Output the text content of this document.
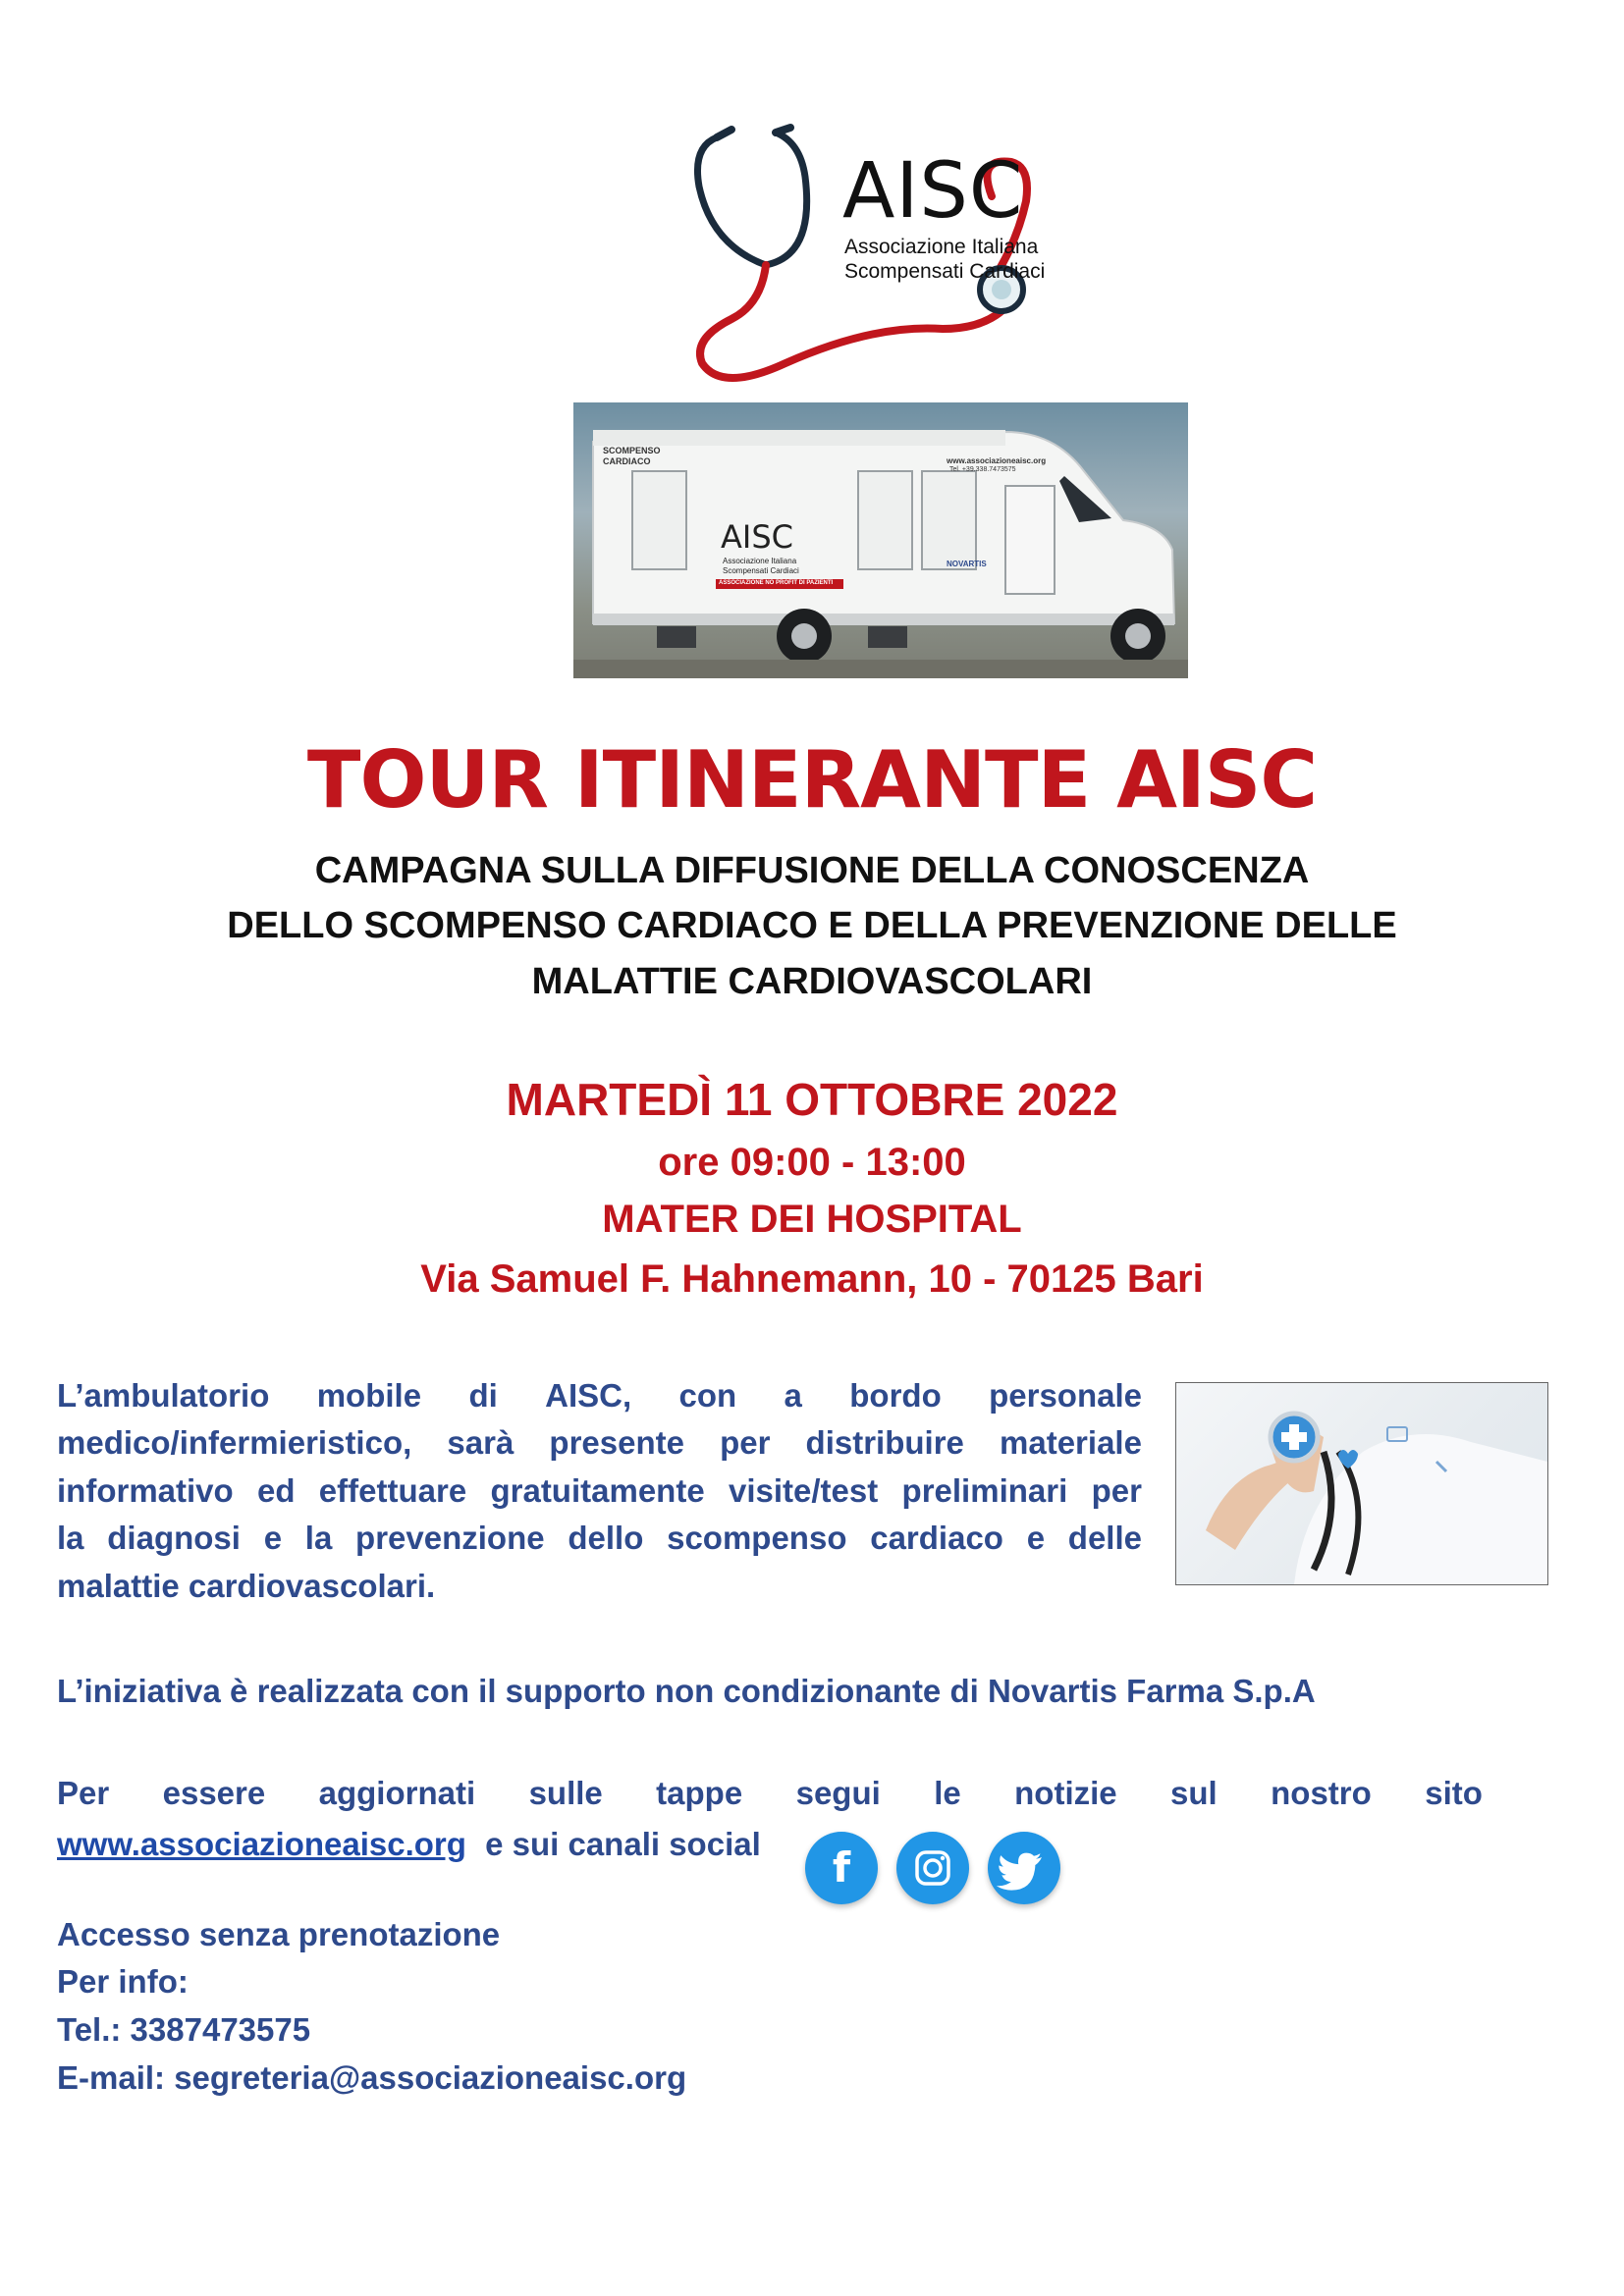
AISC
Associazione Italiana
Scompensati Cardiaci
SCOMPENSO
CARDIACO	www.associazioneaisc.org
Tel. +39.338.7473575
AISC
Associazione Italiana
Scompensati Cardiaci
ASSOCIAZIONE NO PROFIT DI PAZIENTI
NOVARTIS
TOUR ITINERANTE AISC
CAMPAGNA SULLA DIFFUSIONE DELLA CONOSCENZA
DELLO SCOMPENSO CARDIACO E DELLA PREVENZIONE DELLE
MALATTIE CARDIOVASCOLARI
MARTEDÌ 11 OTTOBRE 2022
ore 09:00 - 13:00
MATER DEI HOSPITAL
Via Samuel F. Hahnemann, 10 - 70125 Bari
L’ambulatorio mobile di AISC, con a bordo personale
medico/infermieristico, sarà presente per distribuire materiale
informativo ed effettuare gratuitamente visite/test preliminari per
la diagnosi e la prevenzione dello scompenso cardiaco e delle
malattie cardiovascolari.
L’iniziativa è realizzata con il supporto non condizionante di Novartis Farma S.p.A
Per essere aggiornati sulle tappe segui le notizie sul nostro sito
www.associazioneaisc.org e sui canali social	f
Accesso senza prenotazione
Per info:
Tel.: 3387473575
E-mail: segreteria@associazioneaisc.org
